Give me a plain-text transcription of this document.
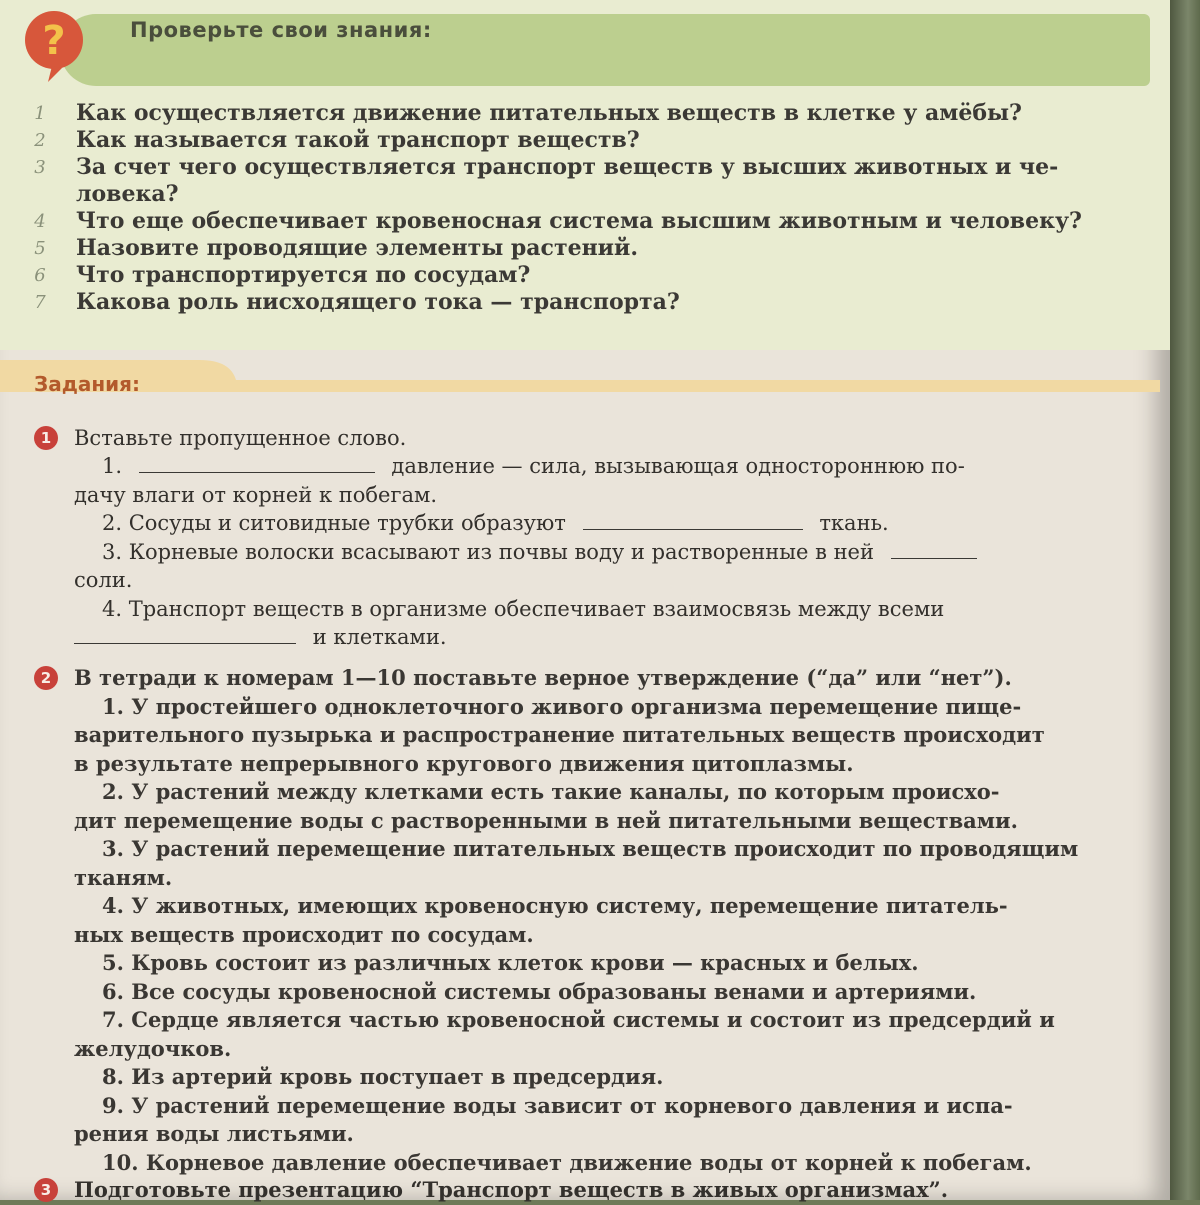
?	Проверьте свои знания:
1 Как осуществляется движение питательных веществ в клетке у амёбы?
2 Как называется такой транспорт веществ?
3 За счет чего осуществляется транспорт веществ у высших животных и че-
ловека?
4 Что еще обеспечивает кровеносная система высшим животным и человеку?
5 Назовите проводящие элементы растений.
6 Что транспортируется по сосудам?
7 Какова роль нисходящего тока — транспорта?
Задания:
1	Вставьте пропущенное слово.
1.	давление — сила, вызывающая одностороннюю по-
дачу влаги от корней к побегам.
2. Сосуды и ситовидные трубки образуют	ткань.
3. Корневые волоски всасывают из почвы воду и растворенные в ней
соли.
4. Транспорт веществ в организме обеспечивает взаимосвязь между всеми
и клетками.
2	В тетради к номерам 1—10 поставьте верное утверждение (“да” или “нет”).
1. У простейшего одноклеточного живого организма перемещение пище-
варительного пузырька и распространение питательных веществ происходит
в результате непрерывного кругового движения цитоплазмы.
2. У растений между клетками есть такие каналы, по которым происхо-
дит перемещение воды с растворенными в ней питательными веществами.
3. У растений перемещение питательных веществ происходит по проводящим
тканям.
4. У животных, имеющих кровеносную систему, перемещение питатель-
ных веществ происходит по сосудам.
5. Кровь состоит из различных клеток крови — красных и белых.
6. Все сосуды кровеносной системы образованы венами и артериями.
7. Сердце является частью кровеносной системы и состоит из предсердий и
желудочков.
8. Из артерий кровь поступает в предсердия.
9. У растений перемещение воды зависит от корневого давления и испа-
рения воды листьями.
10. Корневое давление обеспечивает движение воды от корней к побегам.
3	Подготовьте презентацию “Транспорт веществ в живых организмах”.
